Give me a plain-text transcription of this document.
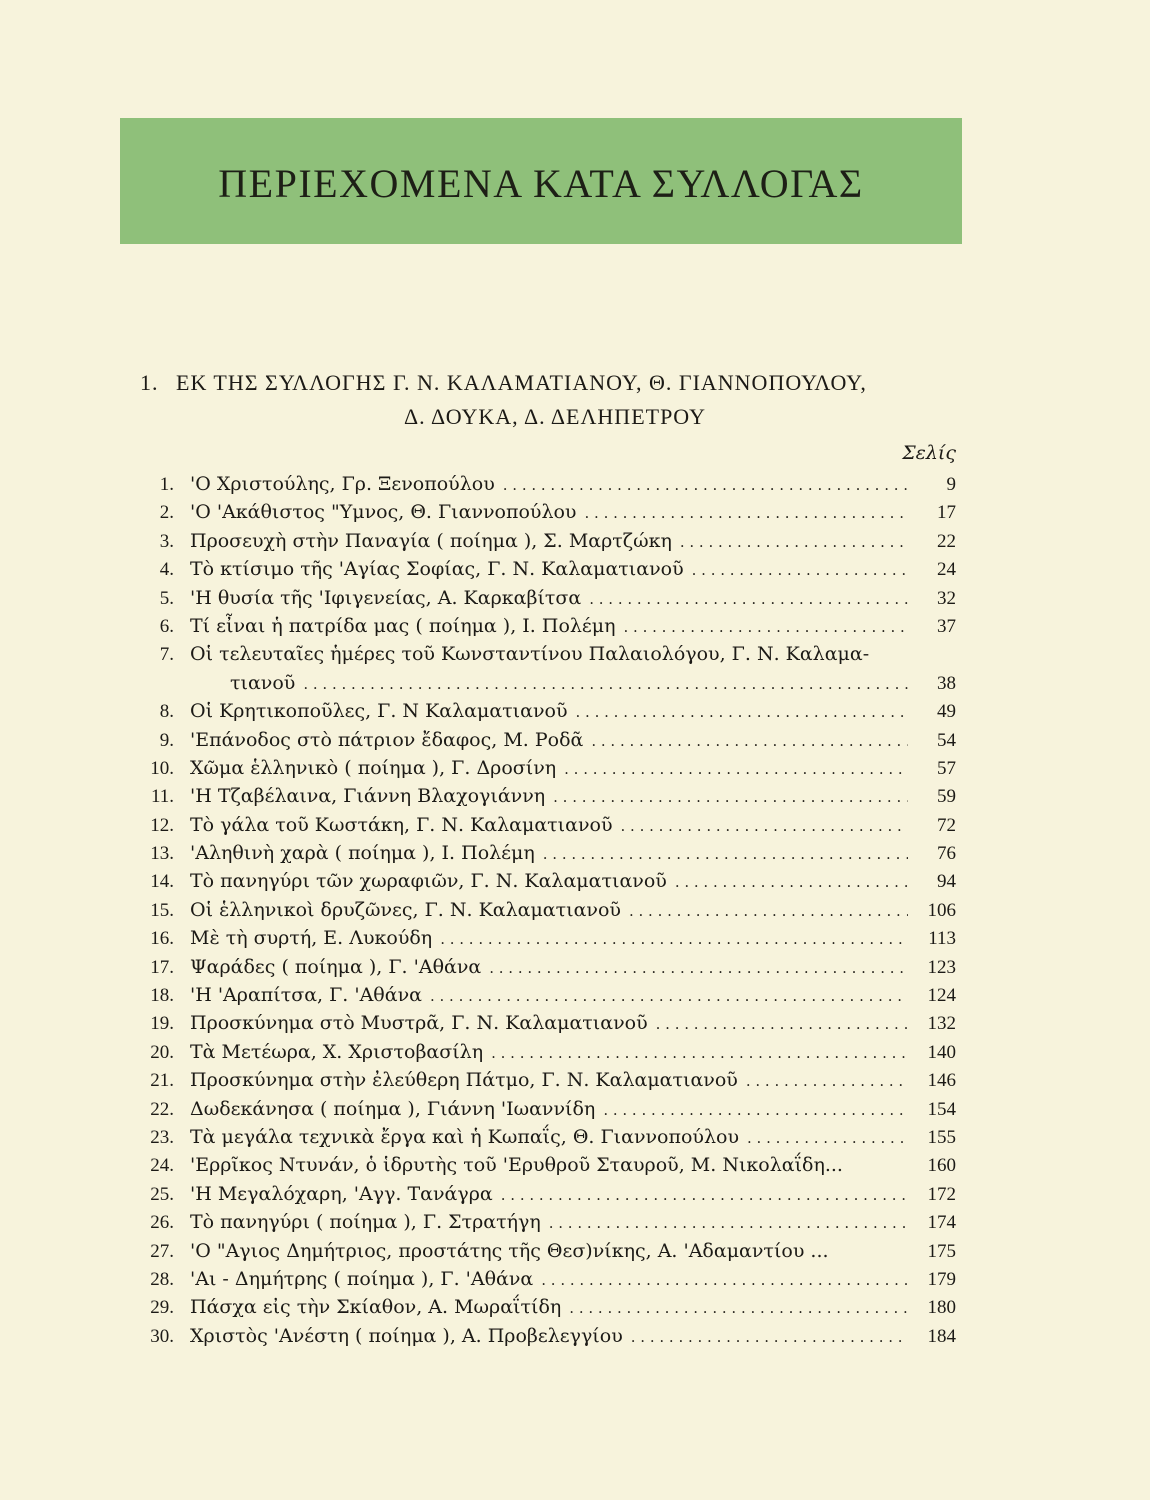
ΠΕΡΙΕΧΟΜΕΝΑ ΚΑΤΑ ΣΥΛΛΟΓΑΣ
1. ΕΚ ΤΗΣ ΣΥΛΛΟΓΗΣ Γ. Ν. ΚΑΛΑΜΑΤΙΑΝΟΥ, Θ. ΓΙΑΝΝΟΠΟΥΛΟΥ,
Δ. ΔΟΥΚΑ, Δ. ΔΕΛΗΠΕΤΡΟΥ
Σελίς
1. 'Ο Χριστούλης, Γρ. Ξενοπούλου . . .	9
2. 'Ο 'Ακάθιστος "Υμνος, Θ. Γιαννοπούλου . . .	17
3. Προσευχὴ στὴν Παναγία ( ποίημα ), Σ. Μαρτζώκη . . .	22
4. Τὸ κτίσιμο τῆς 'Αγίας Σοφίας, Γ. Ν. Καλαματιανοῦ . . .	24
5. 'Η θυσία τῆς 'Ιφιγενείας, Α. Καρκαβίτσα . . .	32
6. Τί εἶναι ἡ πατρίδα μας ( ποίημα ), Ι. Πολέμη . . .	37
7. Οἱ τελευταῖες ἡμέρες τοῦ Κωνσταντίνου Παλαιολόγου, Γ. Ν. Καλαμα-
τιανοῦ . . .	38
8. Οἱ Κρητικοποῦλες, Γ. Ν Καλαματιανοῦ . . .	49
9. 'Επάνοδος στὸ πάτριον ἔδαφος, Μ. Ροδᾶ . . .	54
10. Χῶμα ἑλληνικὸ ( ποίημα ), Γ. Δροσίνη . . .	57
11. 'Η Τζαβέλαινα, Γιάννη Βλαχογιάννη . . .	59
12. Τὸ γάλα τοῦ Κωστάκη, Γ. Ν. Καλαματιανοῦ . . .	72
13. 'Αληθινὴ χαρὰ ( ποίημα ), Ι. Πολέμη . . .	76
14. Τὸ πανηγύρι τῶν χωραφιῶν, Γ. Ν. Καλαματιανοῦ . . .	94
15. Οἱ ἑλληνικοὶ δρυζῶνες, Γ. Ν. Καλαματιανοῦ . . .	106
16. Μὲ τὴ συρτή, Ε. Λυκούδη . . .	113
17. Ψαράδες ( ποίημα ), Γ. 'Αθάνα . . .	123
18. 'Η 'Αραπίτσα, Γ. 'Αθάνα . . .	124
19. Προσκύνημα στὸ Μυστρᾶ, Γ. Ν. Καλαματιανοῦ . . .	132
20. Τὰ Μετέωρα, Χ. Χριστοβασίλη . . .	140
21. Προσκύνημα στὴν ἐλεύθερη Πάτμο, Γ. Ν. Καλαματιανοῦ . . .	146
22. Δωδεκάνησα ( ποίημα ), Γιάννη 'Ιωαννίδη . . .	154
23. Τὰ μεγάλα τεχνικὰ ἔργα καὶ ἡ Κωπαΐς, Θ. Γιαννοπούλου . . .	155
24. 'Ερρῖκος Ντυνάν, ὁ ἱδρυτὴς τοῦ 'Ερυθροῦ Σταυροῦ, Μ. Νικολαΐδη...	160
25. 'Η Μεγαλόχαρη, 'Αγγ. Τανάγρα . . .	172
26. Τὸ πανηγύρι ( ποίημα ), Γ. Στρατήγη . . .	174
27. 'Ο "Αγιος Δημήτριος, προστάτης τῆς Θεσ)νίκης, Α. 'Αδαμαντίου ...	175
28. 'Αι - Δημήτρης ( ποίημα ), Γ. 'Αθάνα . . .	179
29. Πάσχα εἰς τὴν Σκίαθον, Α. Μωραΐτίδη . . .	180
30. Χριστὸς 'Ανέστη ( ποίημα ), Α. Προβελεγγίου . . .	184
